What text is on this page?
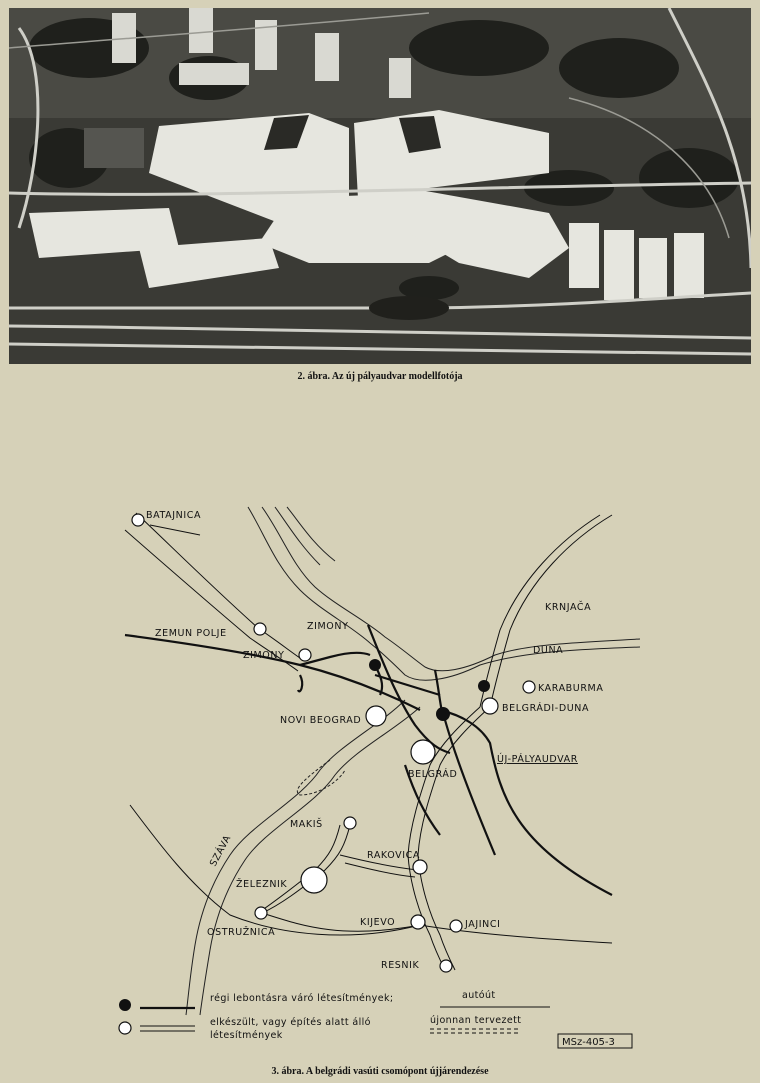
2. ábra. Az új pályaudvar modellfotója
BATAJNICA
ZEMUN POLJE
ZIMONY
ZIMONY
KRNJAČA
DUNA
KARABURMA
NOVI BEOGRAD
BELGRÁDI-DUNA
ÚJ-PÁLYAUDVAR
BELGRÁD
MAKIŠ
SZÁVA	RAKOVICA
ŽELEZNIK
OSTRUŽNICA
KIJEVO	JAJINCI
RESNIK
régi lebontásra váró létesítmények;	autóút
elkészült, vagy építés alatt álló	újonnan tervezett
létesítmények
MSz-405-3
3. ábra. A belgrádi vasúti csomópont újjárendezése
